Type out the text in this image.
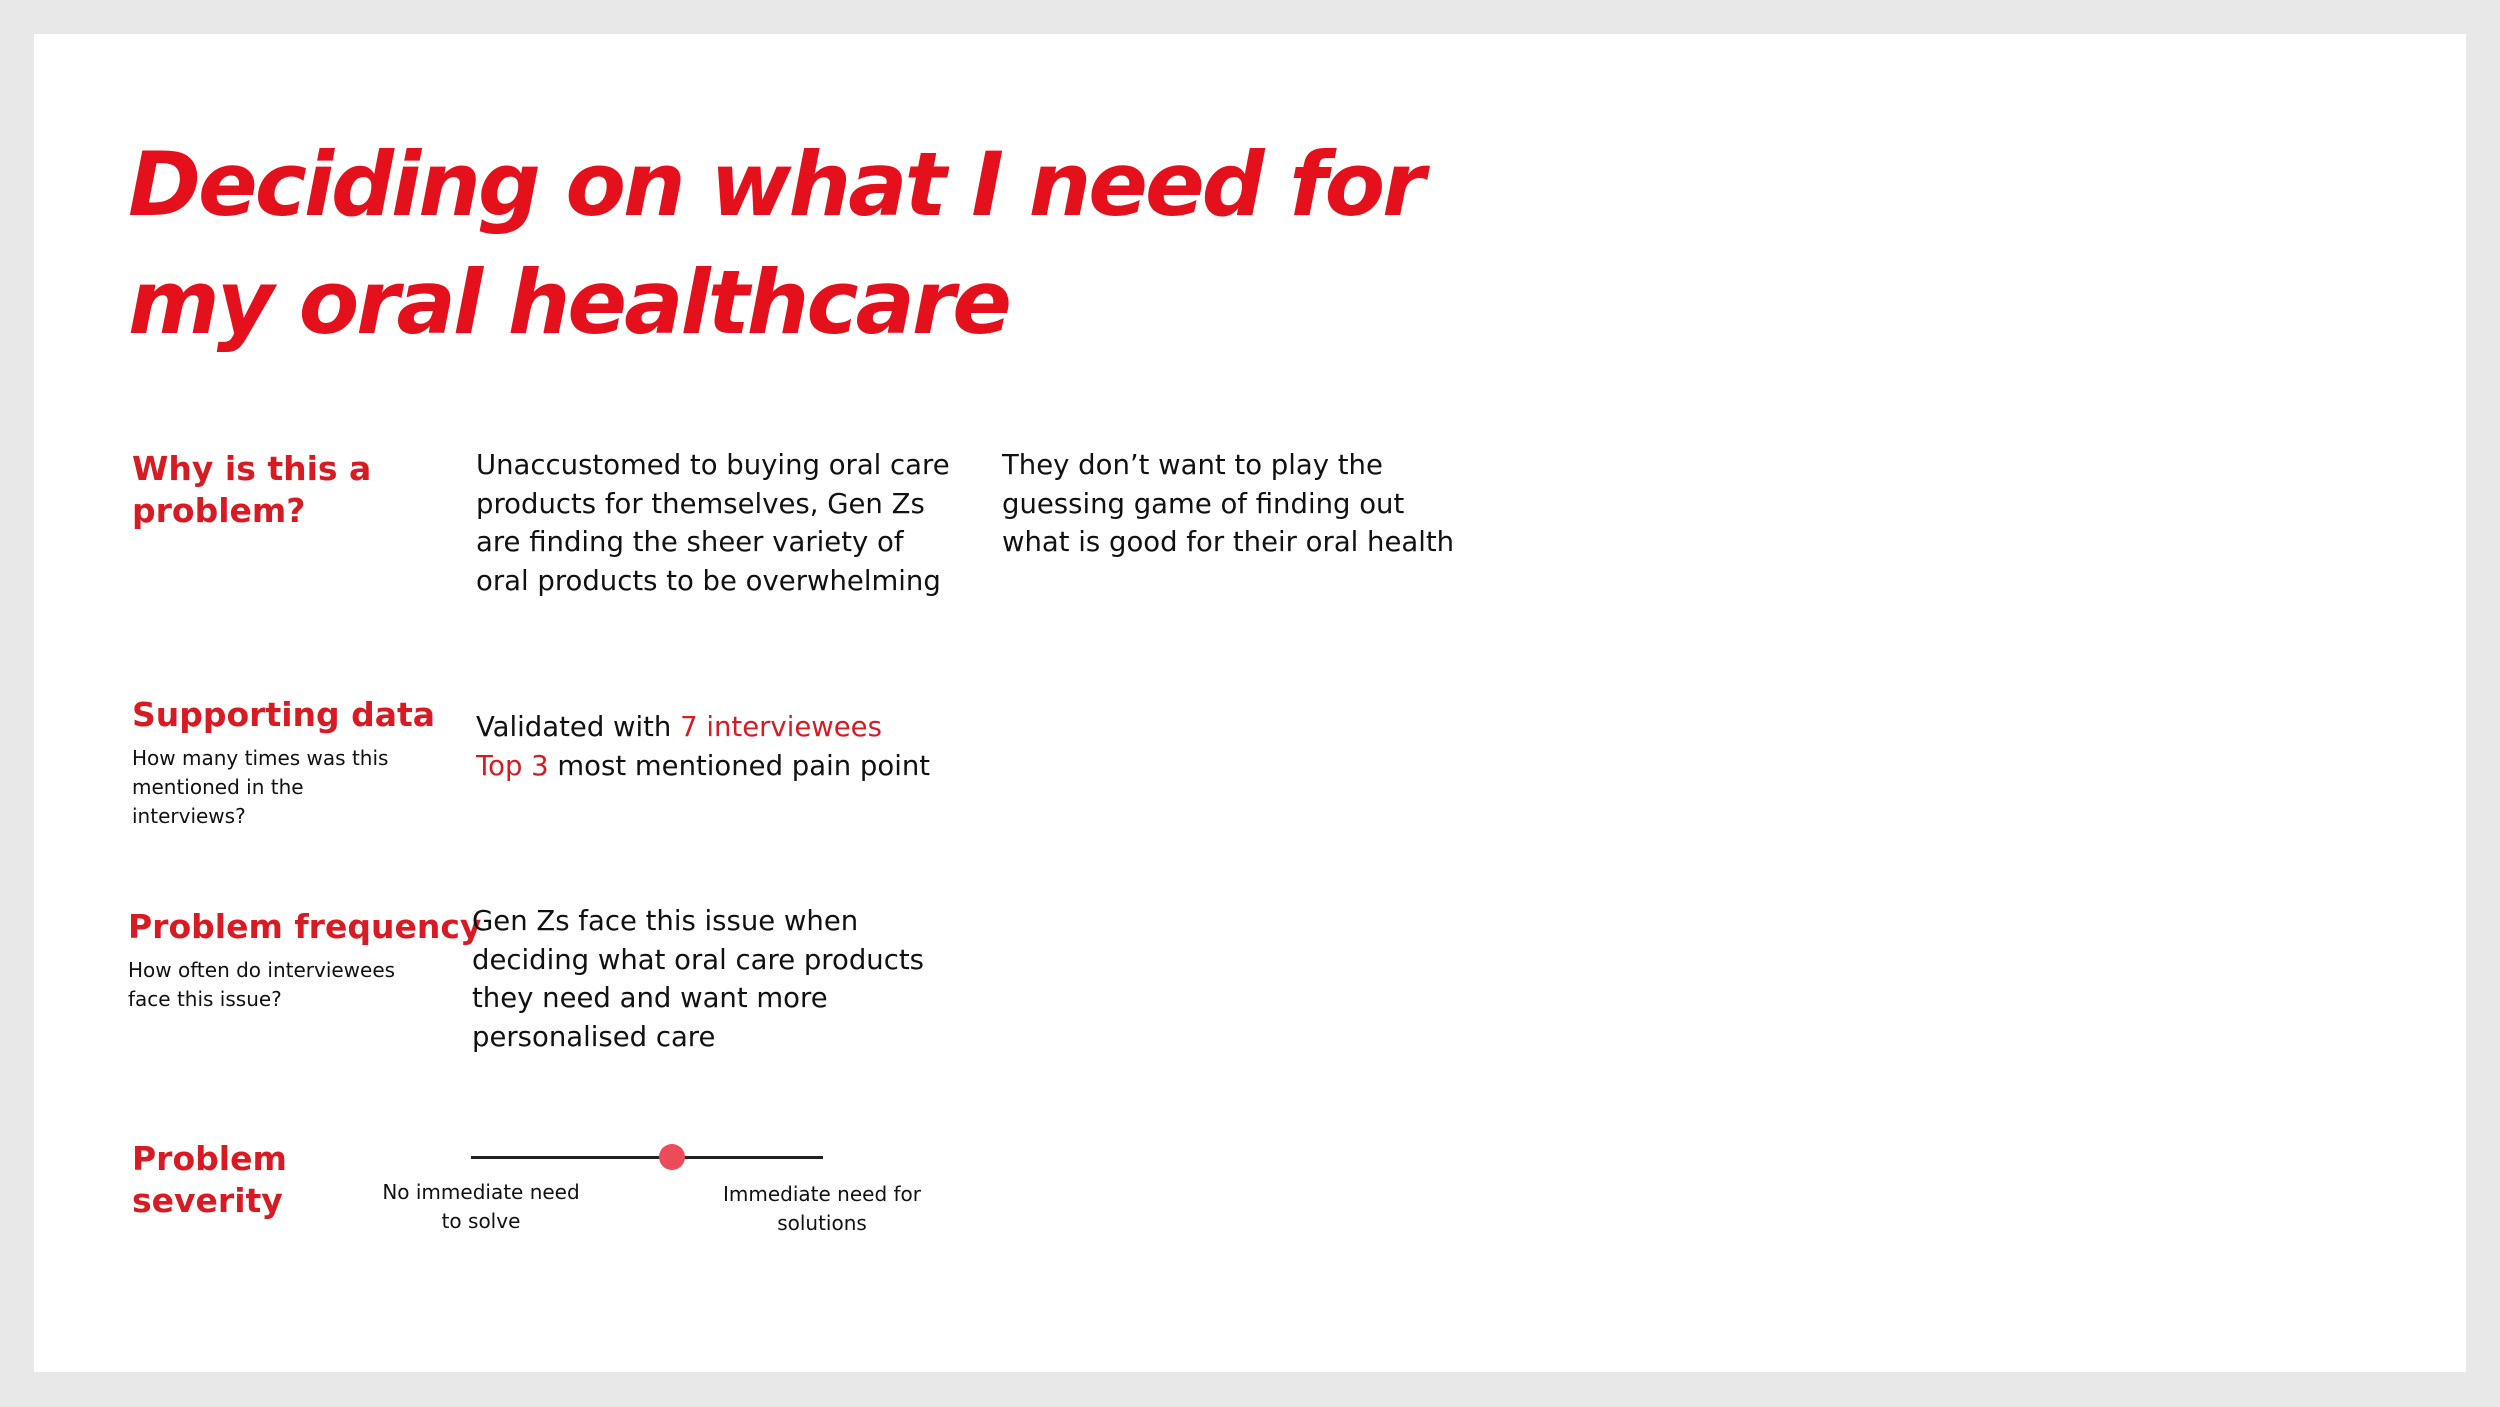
Deciding on what I need for
my oral healthcare
Why is this a
problem?
Unaccustomed to buying oral care
products for themselves, Gen Zs
are finding the sheer variety of
oral products to be overwhelming
They don’t want to play the
guessing game of finding out
what is good for their oral health
Supporting data
How many times was this
mentioned in the
interviews?
Validated with 7 interviewees
Top 3 most mentioned pain point
Problem frequency
How often do interviewees
face this issue?
Gen Zs face this issue when
deciding what oral care products
they need and want more
personalised care
Problem
severity	No immediate need
to solve
Immediate need for
solutions
